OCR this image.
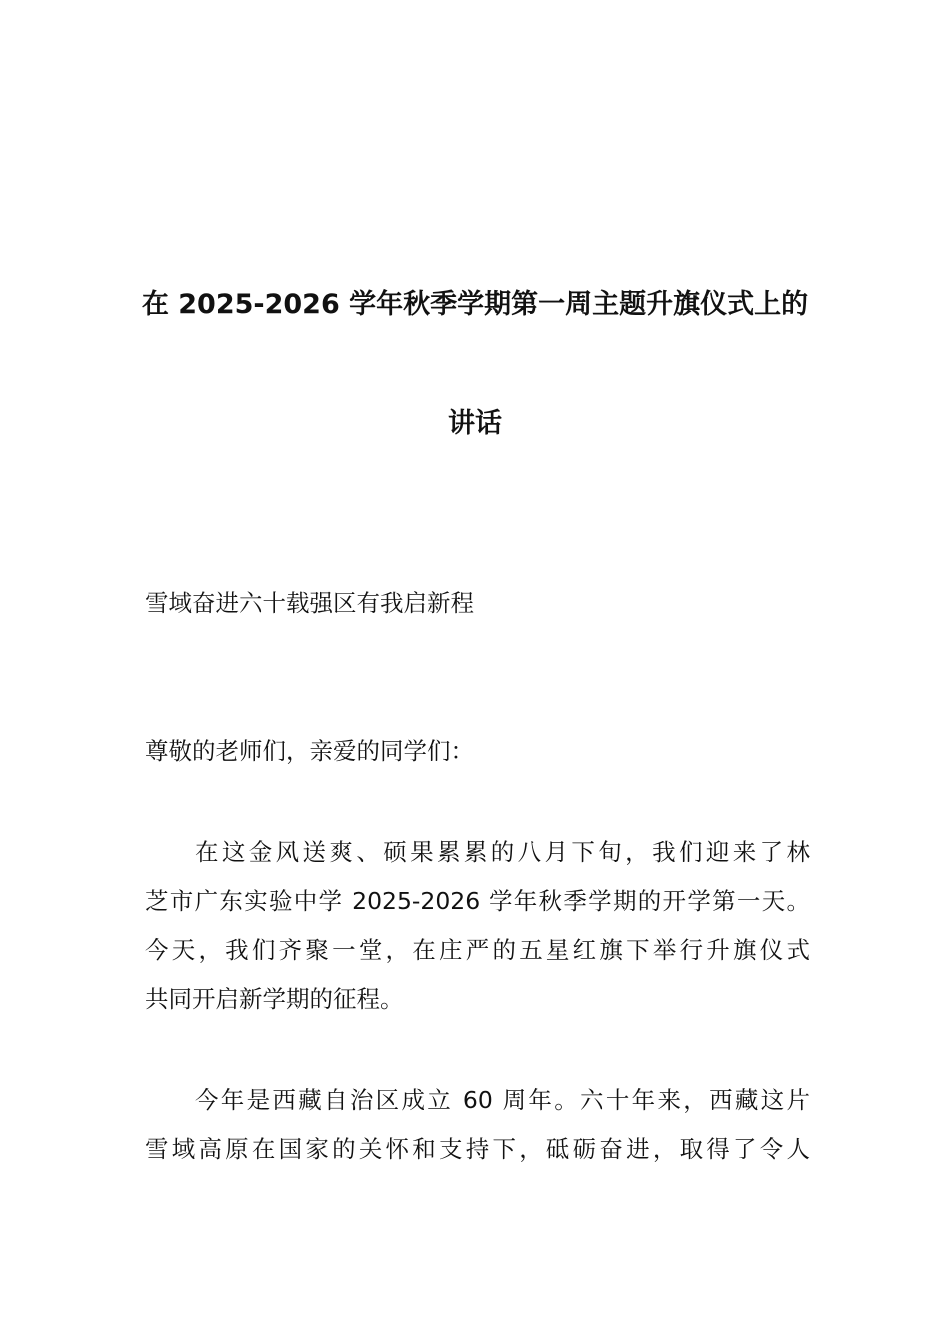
在 2025-2026 学年秋季学期第一周主题升旗仪式上的
讲话
雪域奋进六十载强区有我启新程
尊敬的老师们，亲爱的同学们：
在这金风送爽、硕果累累的八月下旬，我们迎来了林
芝市广东实验中学 2025-2026 学年秋季学期的开学第一天。
今天，我们齐聚一堂，在庄严的五星红旗下举行升旗仪式
共同开启新学期的征程。
今年是西藏自治区成立 60 周年。六十年来，西藏这片
雪域高原在国家的关怀和支持下，砥砺奋进，取得了令人
